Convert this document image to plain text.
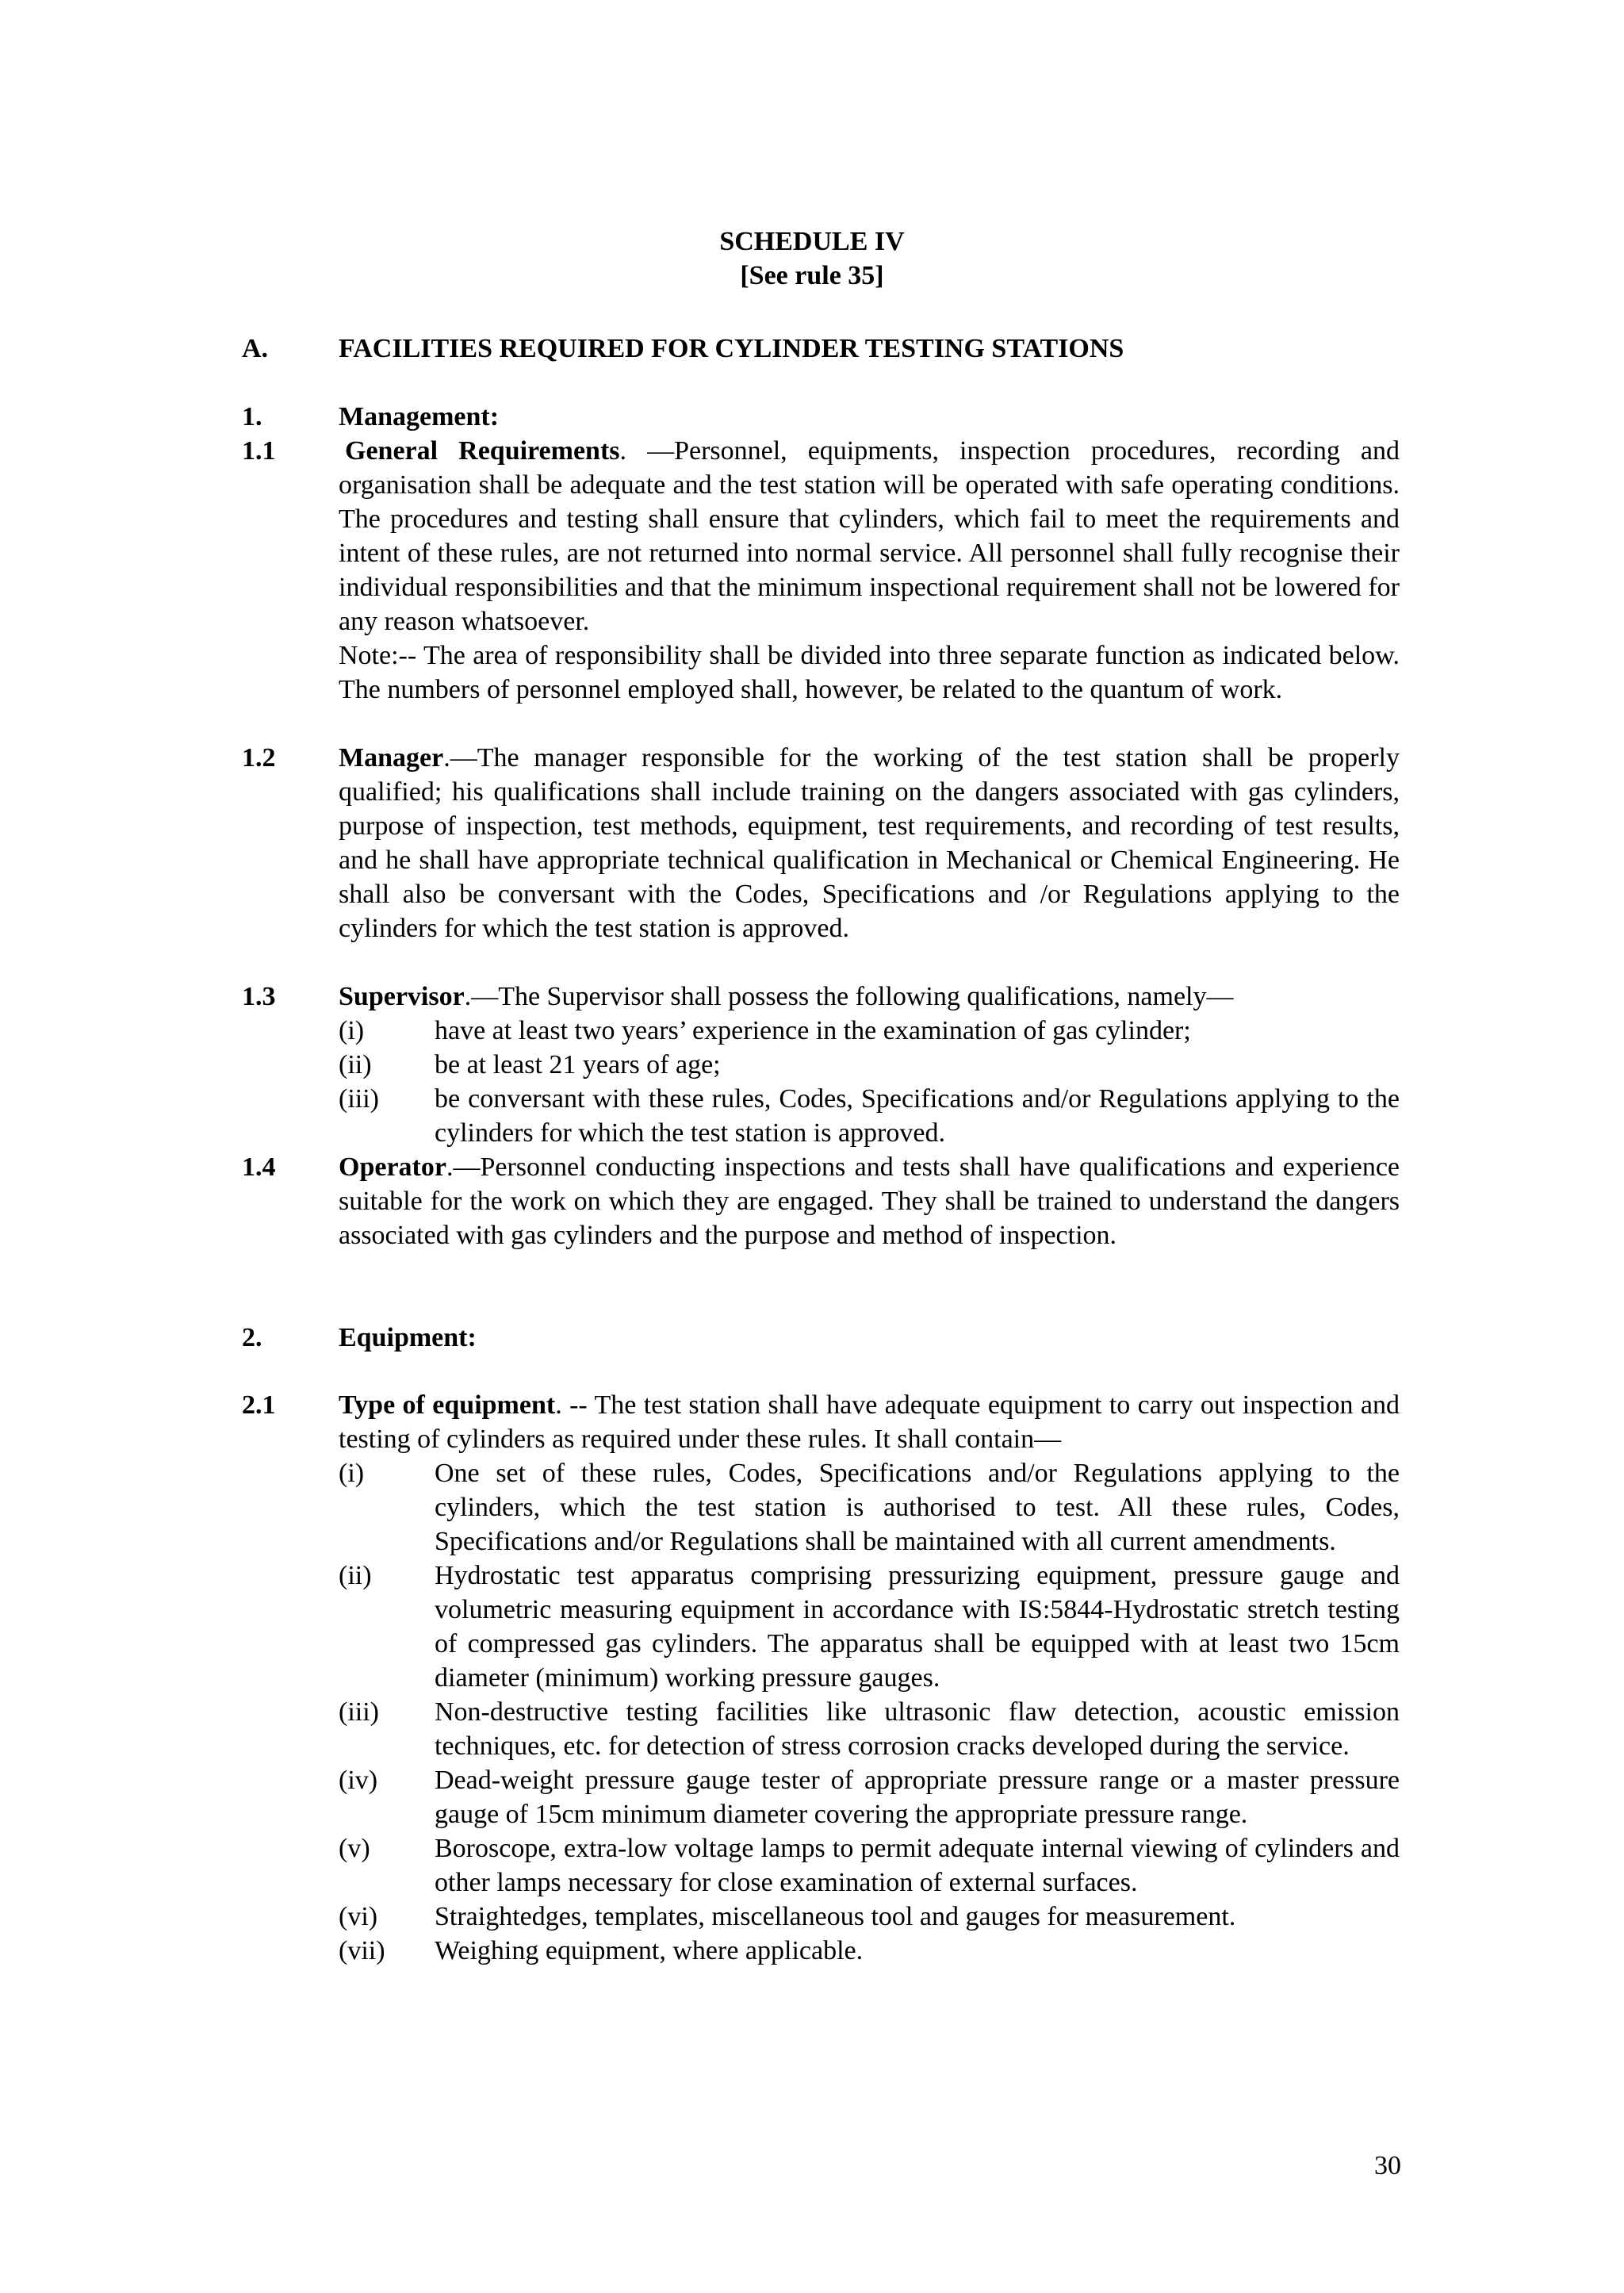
SCHEDULE IV
[See rule 35]
A.	FACILITIES REQUIRED FOR CYLINDER TESTING STATIONS
1.	Management:
1.1	General Requirements. —Personnel, equipments, inspection procedures, recording and organisation shall be adequate and the test station will be operated with safe operating conditions. The procedures and testing shall ensure that cylinders, which fail to meet the requirements and intent of these rules, are not returned into normal service. All personnel shall fully recognise their individual responsibilities and that the minimum inspectional requirement shall not be lowered for any reason whatsoever.

Note:-- The area of responsibility shall be divided into three separate function as indicated below. The numbers of personnel employed shall, however, be related to the quantum of work.

1.2 Manager.—The manager responsible for the working of the test station shall be properly qualified; his qualifications shall include training on the dangers associated with gas cylinders, purpose of inspection, test methods, equipment, test requirements, and recording of test results, and he shall have appropriate technical qualification in Mechanical or Chemical Engineering. He shall also be conversant with the Codes, Specifications and /or Regulations applying to the cylinders for which the test station is approved.

1.3 Supervisor.—The Supervisor shall possess the following qualifications, namely—

(i)	have at least two years’ experience in the examination of gas cylinder;
(ii)	be at least 21 years of age;
(iii)	be conversant with these rules, Codes, Specifications and/or Regulations applying to the cylinders for which the test station is approved.
1.4 Operator.—Personnel conducting inspections and tests shall have qualifications and experience suitable for the work on which they are engaged. They shall be trained to understand the dangers associated with gas cylinders and the purpose and method of inspection.

2.	Equipment:
2.1 Type of equipment. -- The test station shall have adequate equipment to carry out inspection and testing of cylinders as required under these rules. It shall contain—

(i)	One set of these rules, Codes, Specifications and/or Regulations applying to the cylinders, which the test station is authorised to test. All these rules, Codes, Specifications and/or Regulations shall be maintained with all current amendments.
(ii)	Hydrostatic test apparatus comprising pressurizing equipment, pressure gauge and volumetric measuring equipment in accordance with IS:5844-Hydrostatic stretch testing of compressed gas cylinders. The apparatus shall be equipped with at least two 15cm diameter (minimum) working pressure gauges.
(iii)	Non-destructive testing facilities like ultrasonic flaw detection, acoustic emission techniques, etc. for detection of stress corrosion cracks developed during the service.
(iv)	Dead-weight pressure gauge tester of appropriate pressure range or a master pressure gauge of 15cm minimum diameter covering the appropriate pressure range.
(v)	Boroscope, extra-low voltage lamps to permit adequate internal viewing of cylinders and other lamps necessary for close examination of external surfaces.
(vi)	Straightedges, templates, miscellaneous tool and gauges for measurement.
(vii)	Weighing equipment, where applicable.
30
